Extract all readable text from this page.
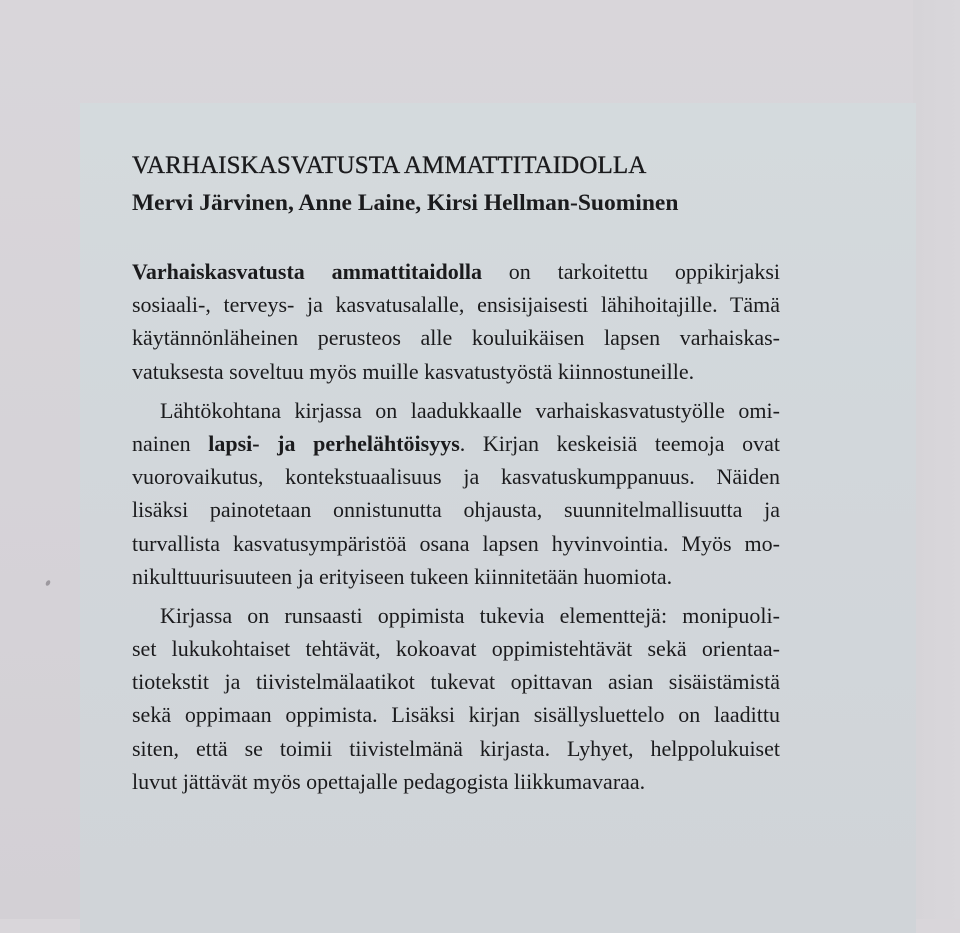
VARHAISKASVATUSTA AMMATTITAIDOLLA
Mervi Järvinen, Anne Laine, Kirsi Hellman-Suominen
Varhaiskasvatusta ammattitaidolla on tarkoitettu oppikirjaksi
sosiaali-, terveys- ja kasvatusalalle, ensisijaisesti lähihoitajille. Tämä
käytännönläheinen perusteos alle kouluikäisen lapsen varhaiskas-
vatuksesta soveltuu myös muille kasvatustyöstä kiinnostuneille.
Lähtökohtana kirjassa on laadukkaalle varhaiskasvatustyölle omi-
nainen lapsi- ja perhelähtöisyys. Kirjan keskeisiä teemoja ovat
vuorovaikutus, kontekstuaalisuus ja kasvatuskumppanuus. Näiden
lisäksi painotetaan onnistunutta ohjausta, suunnitelmallisuutta ja
turvallista kasvatusympäristöä osana lapsen hyvinvointia. Myös mo-
nikulttuurisuuteen ja erityiseen tukeen kiinnitetään huomiota.
Kirjassa on runsaasti oppimista tukevia elementtejä: monipuoli-
set lukukohtaiset tehtävät, kokoavat oppimistehtävät sekä orientaa-
tiotekstit ja tiivistelmälaatikot tukevat opittavan asian sisäistämistä
sekä oppimaan oppimista. Lisäksi kirjan sisällysluettelo on laadittu
siten, että se toimii tiivistelmänä kirjasta. Lyhyet, helppolukuiset
luvut jättävät myös opettajalle pedagogista liikkumavaraa.
